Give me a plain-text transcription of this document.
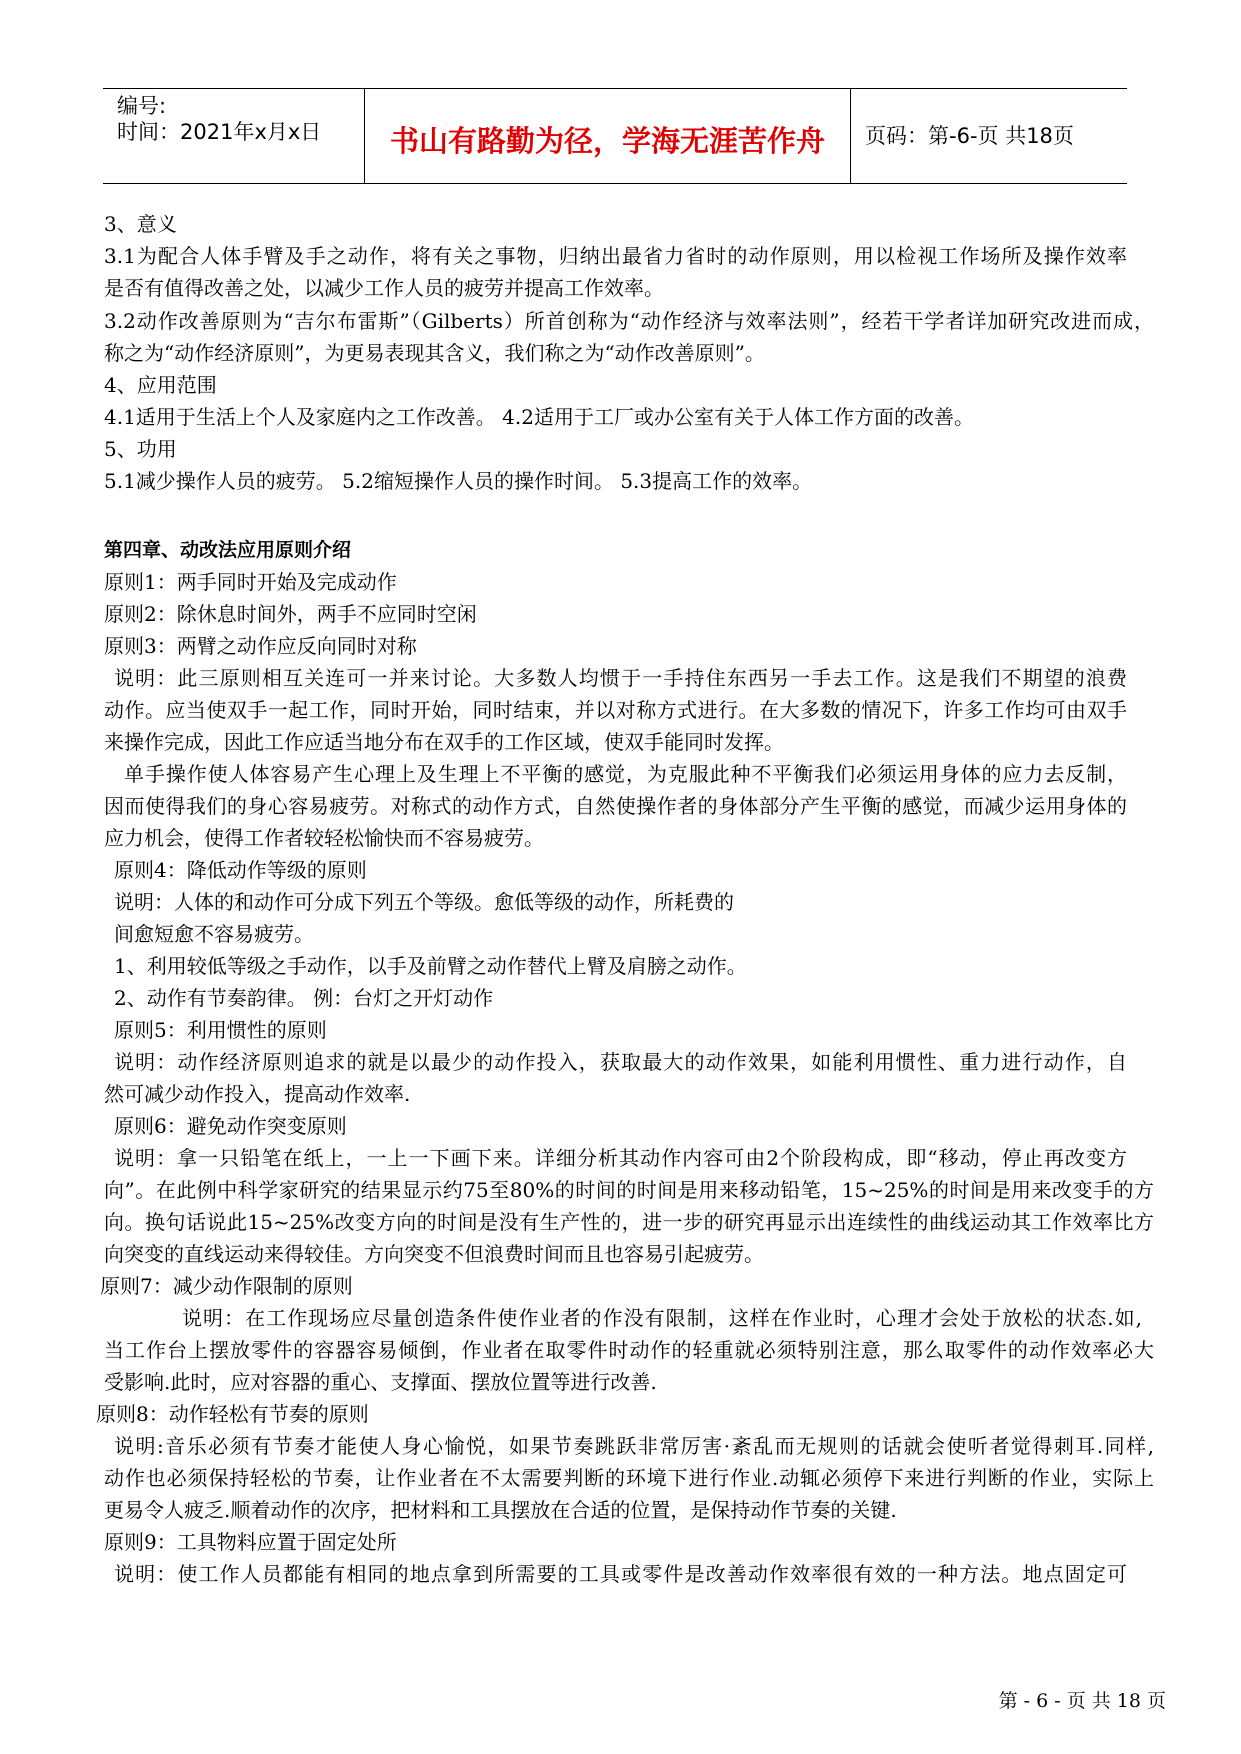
编号:
时间：2021年x月x日	书山有路勤为径，学海无涯苦作舟	页码：第-6-页 共18页
3、意义
3.1为配合人体手臂及手之动作，将有关之事物，归纳出最省力省时的动作原则，用以检视工作场所及操作效率
是否有值得改善之处，以减少工作人员的疲劳并提高工作效率。
3.2动作改善原则为“吉尔布雷斯”（Gilberts）所首创称为“动作经济与效率法则”，经若干学者详加研究改进而成，
称之为“动作经济原则”，为更易表现其含义，我们称之为“动作改善原则”。
4、应用范围
4.1适用于生活上个人及家庭内之工作改善。 4.2适用于工厂或办公室有关于人体工作方面的改善。
5、功用
5.1减少操作人员的疲劳。 5.2缩短操作人员的操作时间。 5.3提高工作的效率。
第四章、动改法应用原则介绍
原则1：两手同时开始及完成动作
原则2：除休息时间外，两手不应同时空闲
原则3：两臂之动作应反向同时对称
说明：此三原则相互关连可一并来讨论。大多数人均惯于一手持住东西另一手去工作。这是我们不期望的浪费
动作。应当使双手一起工作，同时开始，同时结束，并以对称方式进行。在大多数的情况下，许多工作均可由双手
来操作完成，因此工作应适当地分布在双手的工作区域，使双手能同时发挥。
单手操作使人体容易产生心理上及生理上不平衡的感觉，为克服此种不平衡我们必须运用身体的应力去反制，
因而使得我们的身心容易疲劳。对称式的动作方式，自然使操作者的身体部分产生平衡的感觉，而减少运用身体的
应力机会，使得工作者较轻松愉快而不容易疲劳。
原则4：降低动作等级的原则
说明：人体的和动作可分成下列五个等级。愈低等级的动作，所耗费的
间愈短愈不容易疲劳。
1、利用较低等级之手动作，以手及前臂之动作替代上臂及肩膀之动作。
2、动作有节奏韵律。 例：台灯之开灯动作
原则5：利用惯性的原则
说明：动作经济原则追求的就是以最少的动作投入，获取最大的动作效果，如能利用惯性、重力进行动作，自
然可减少动作投入，提高动作效率.
原则6：避免动作突变原则
说明：拿一只铅笔在纸上，一上一下画下来。详细分析其动作内容可由2个阶段构成，即“移动，停止再改变方
向”。在此例中科学家研究的结果显示约75至80%的时间的时间是用来移动铅笔，15~25%的时间是用来改变手的方
向。换句话说此15~25%改变方向的时间是没有生产性的，进一步的研究再显示出连续性的曲线运动其工作效率比方
向突变的直线运动来得较佳。方向突变不但浪费时间而且也容易引起疲劳。
原则7：减少动作限制的原则
说明：在工作现场应尽量创造条件使作业者的作没有限制，这样在作业时，心理才会处于放松的状态.如,
当工作台上摆放零件的容器容易倾倒，作业者在取零件时动作的轻重就必须特别注意，那么取零件的动作效率必大
受影响.此时，应对容器的重心、支撑面、摆放位置等进行改善.
原则8：动作轻松有节奏的原则
说明:音乐必须有节奏才能使人身心愉悦，如果节奏跳跃非常厉害·紊乱而无规则的话就会使听者觉得刺耳.同样,
动作也必须保持轻松的节奏，让作业者在不太需要判断的环境下进行作业.动辄必须停下来进行判断的作业，实际上
更易令人疲乏.顺着动作的次序，把材料和工具摆放在合适的位置，是保持动作节奏的关键.
原则9：工具物料应置于固定处所
说明：使工作人员都能有相同的地点拿到所需要的工具或零件是改善动作效率很有效的一种方法。地点固定可
第 - 6 - 页 共 18 页
